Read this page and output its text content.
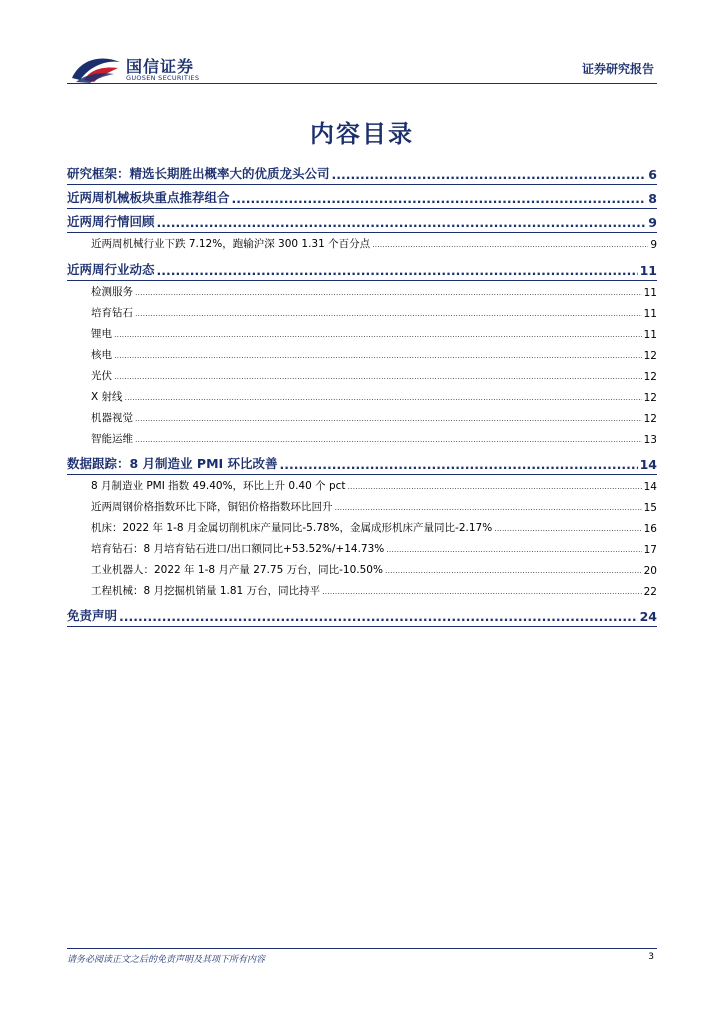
国信证券
GUOSEN SECURITIES
证券研究报告
内容目录
研究框架：精选长期胜出概率大的优质龙头公司 .....	6
近两周机械板块重点推荐组合 .....	8
近两周行情回顾 .....	9
近两周机械行业下跌 7.12%，跑输沪深 300 1.31 个百分点 .....	9
近两周行业动态 .....	11
检测服务 .....	11
培育钻石 .....	11
锂电 .....	11
核电 .....	12
光伏 .....	12
X 射线 .....	12
机器视觉 .....	12
智能运维 .....	13
数据跟踪：8 月制造业 PMI 环比改善 .....	14
8 月制造业 PMI 指数 49.40%，环比上升 0.40 个 pct .....	14
近两周钢价格指数环比下降，铜铝价格指数环比回升 .....	15
机床：2022 年 1-8 月金属切削机床产量同比-5.78%，金属成形机床产量同比-2.17% .....	16
培育钻石：8 月培育钻石进口/出口额同比+53.52%/+14.73% .....	17
工业机器人：2022 年 1-8 月产量 27.75 万台，同比-10.50% .....	20
工程机械：8 月挖掘机销量 1.81 万台，同比持平 .....	22
免责声明 .....	24
请务必阅读正文之后的免责声明及其项下所有内容	3
